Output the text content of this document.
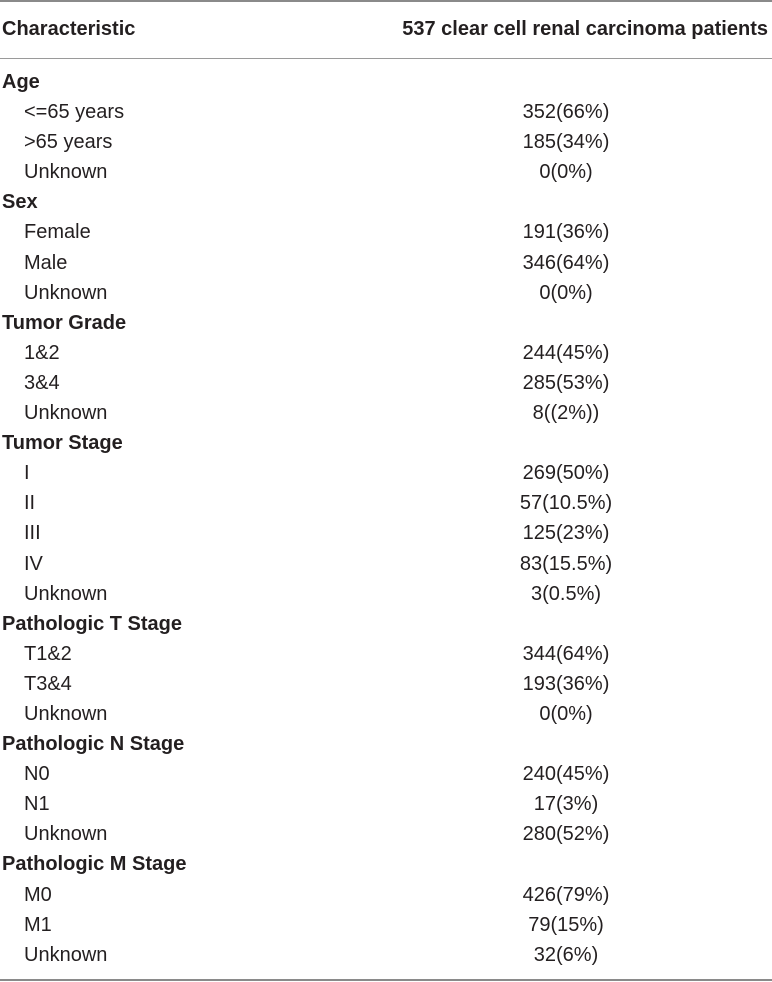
Characteristic	537 clear cell renal carcinoma patients
Age
<=65 years	352(66%)
>65 years	185(34%)
Unknown	0(0%)
Sex
Female	191(36%)
Male	346(64%)
Unknown	0(0%)
Tumor Grade
1&2	244(45%)
3&4	285(53%)
Unknown	8((2%))
Tumor Stage
I	269(50%)
II	57(10.5%)
III	125(23%)
IV	83(15.5%)
Unknown	3(0.5%)
Pathologic T Stage
T1&2	344(64%)
T3&4	193(36%)
Unknown	0(0%)
Pathologic N Stage
N0	240(45%)
N1	17(3%)
Unknown	280(52%)
Pathologic M Stage
M0	426(79%)
M1	79(15%)
Unknown	32(6%)
